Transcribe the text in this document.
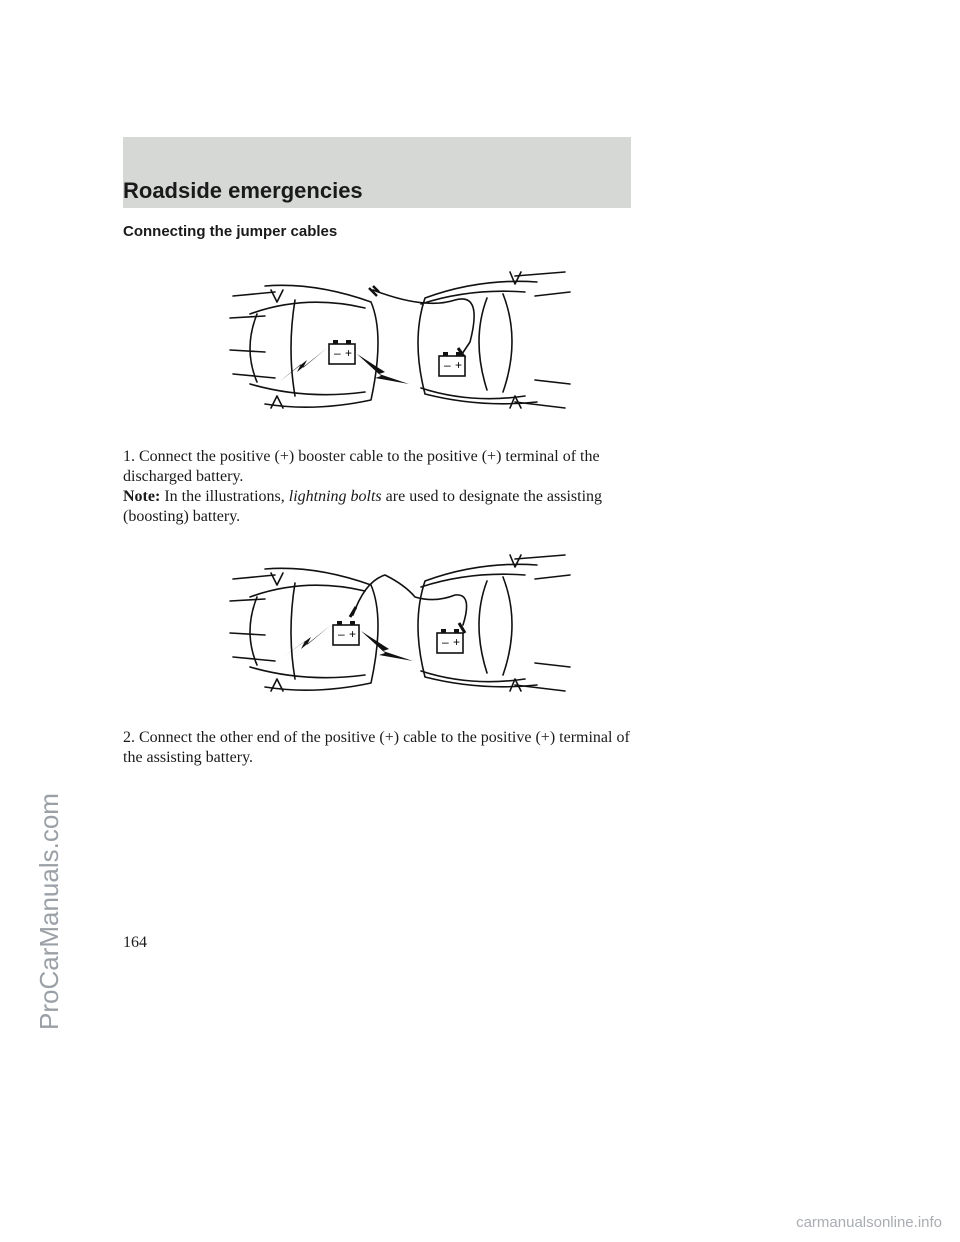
Roadside emergencies
Connecting the jumper cables
– +
– +
1. Connect the positive (+) booster cable to the positive (+) terminal of the discharged battery.
Note: In the illustrations, lightning bolts are used to designate the assisting (boosting) battery.
– +
– +
2. Connect the other end of the positive (+) cable to the positive (+) terminal of the assisting battery.
164
ProCarManuals.com
carmanualsonline.info
